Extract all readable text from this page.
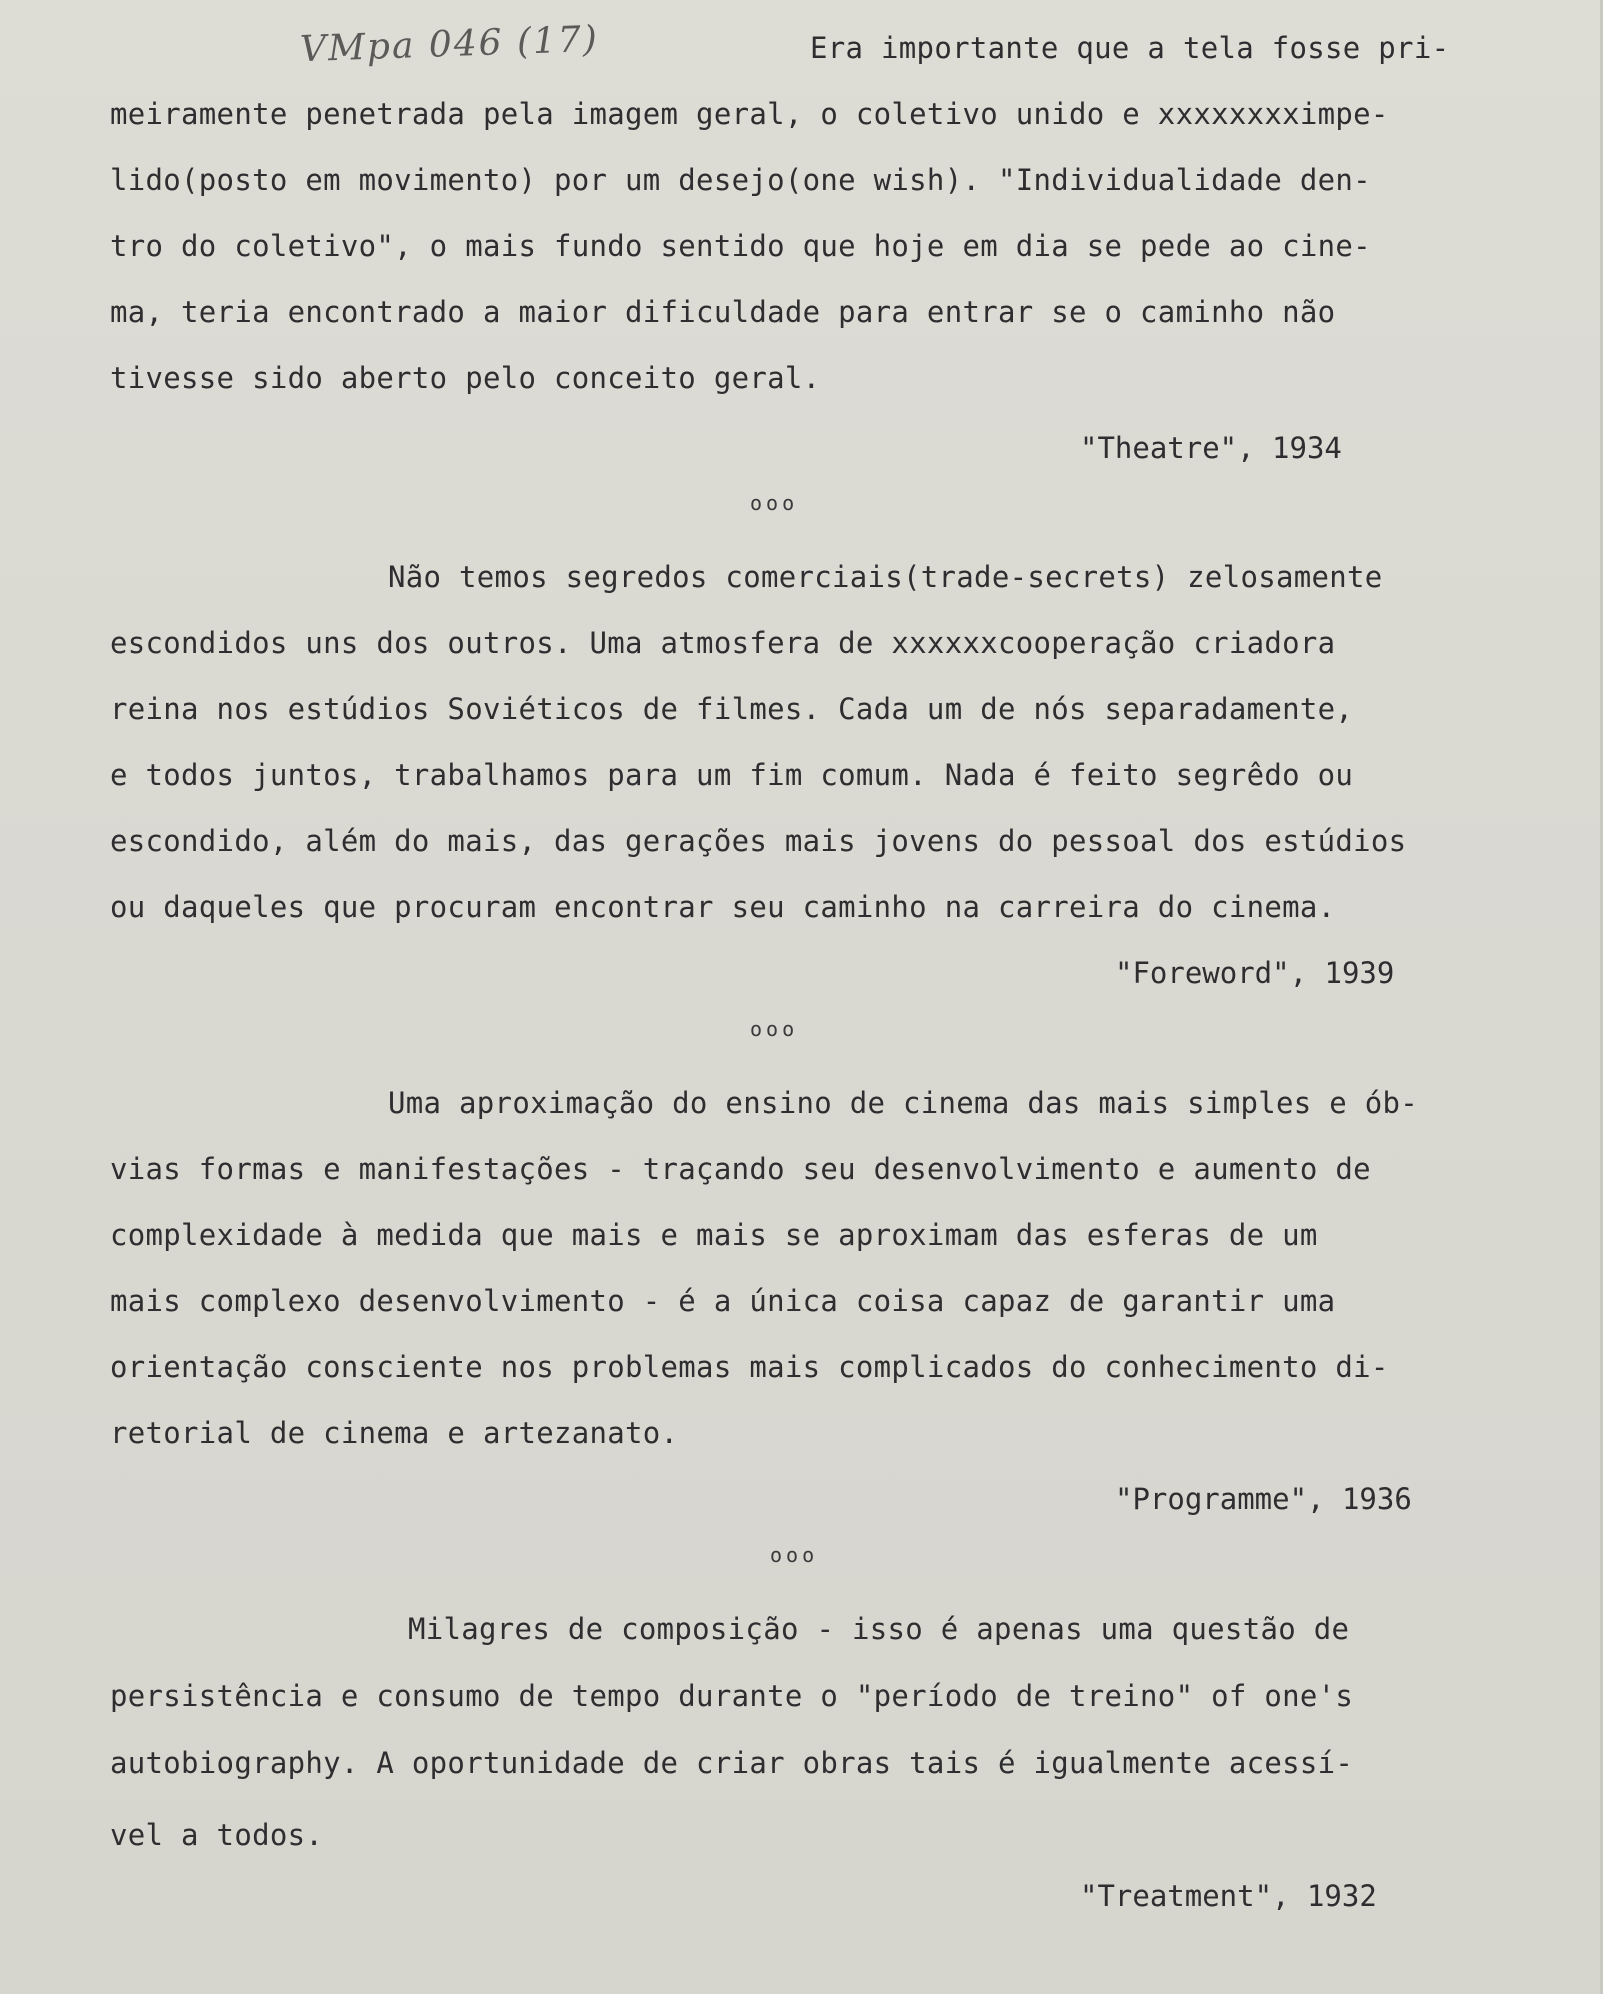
VMpa 046 (17)	Era importante que a tela fosse pri-

meiramente penetrada pela imagem geral, o coletivo unido e xxxxxxxximpe-

lido(posto em movimento) por um desejo(one wish). "Individualidade den-

tro do coletivo", o mais fundo sentido que hoje em dia se pede ao cine-

ma, teria encontrado a maior dificuldade para entrar se o caminho não

tivesse sido aberto pelo conceito geral.

"Theatre", 1934

ooo

Não temos segredos comerciais(trade-secrets) zelosamente

escondidos uns dos outros. Uma atmosfera de xxxxxxcooperação criadora

reina nos estúdios Soviéticos de filmes. Cada um de nós separadamente,

e todos juntos, trabalhamos para um fim comum. Nada é feito segrêdo ou

escondido, além do mais, das gerações mais jovens do pessoal dos estúdios

ou daqueles que procuram encontrar seu caminho na carreira do cinema.

"Foreword", 1939

ooo

Uma aproximação do ensino de cinema das mais simples e ób-

vias formas e manifestações - traçando seu desenvolvimento e aumento de

complexidade à medida que mais e mais se aproximam das esferas de um

mais complexo desenvolvimento - é a única coisa capaz de garantir uma

orientação consciente nos problemas mais complicados do conhecimento di-

retorial de cinema e artezanato.

"Programme", 1936

ooo

Milagres de composição - isso é apenas uma questão de

persistência e consumo de tempo durante o "período de treino" of one's

autobiography. A oportunidade de criar obras tais é igualmente acessí-

vel a todos.

"Treatment", 1932
